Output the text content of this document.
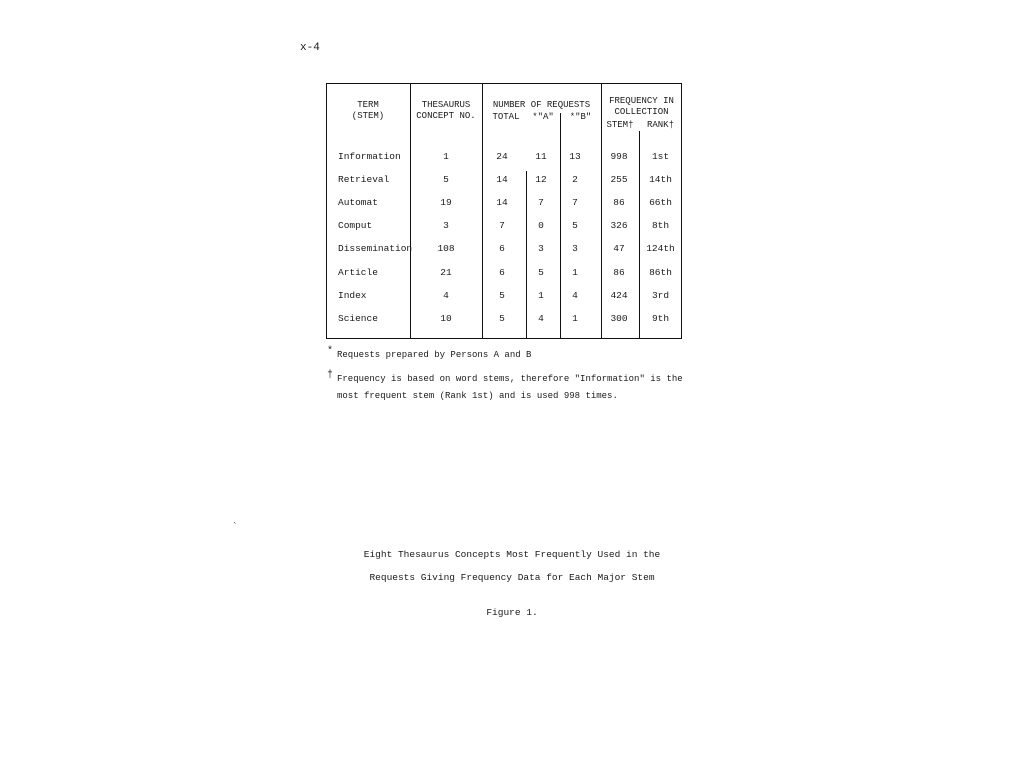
x-4
TERM
(STEM)
THESAURUS
CONCEPT NO.
NUMBER OF REQUESTS
TOTAL	*"A"	*"B"
FREQUENCY IN
COLLECTION
STEM†	RANK†
Information	1	24	11	13	998	1st
Retrieval	5	14	12	2	255	14th
Automat	19	14	7	7	86	66th
Comput	3	7	0	5	326	8th
Dissemination	108	6	3	3	47	124th
Article	21	6	5	1	86	86th
Index	4	5	1	4	424	3rd
Science	10	5	4	1	300	9th
* Requests prepared by Persons A and B
† Frequency is based on word stems, therefore "Information" is the
most frequent stem (Rank 1st) and is used 998 times.
`
Eight Thesaurus Concepts Most Frequently Used in the
Requests Giving Frequency Data for Each Major Stem
Figure 1.
